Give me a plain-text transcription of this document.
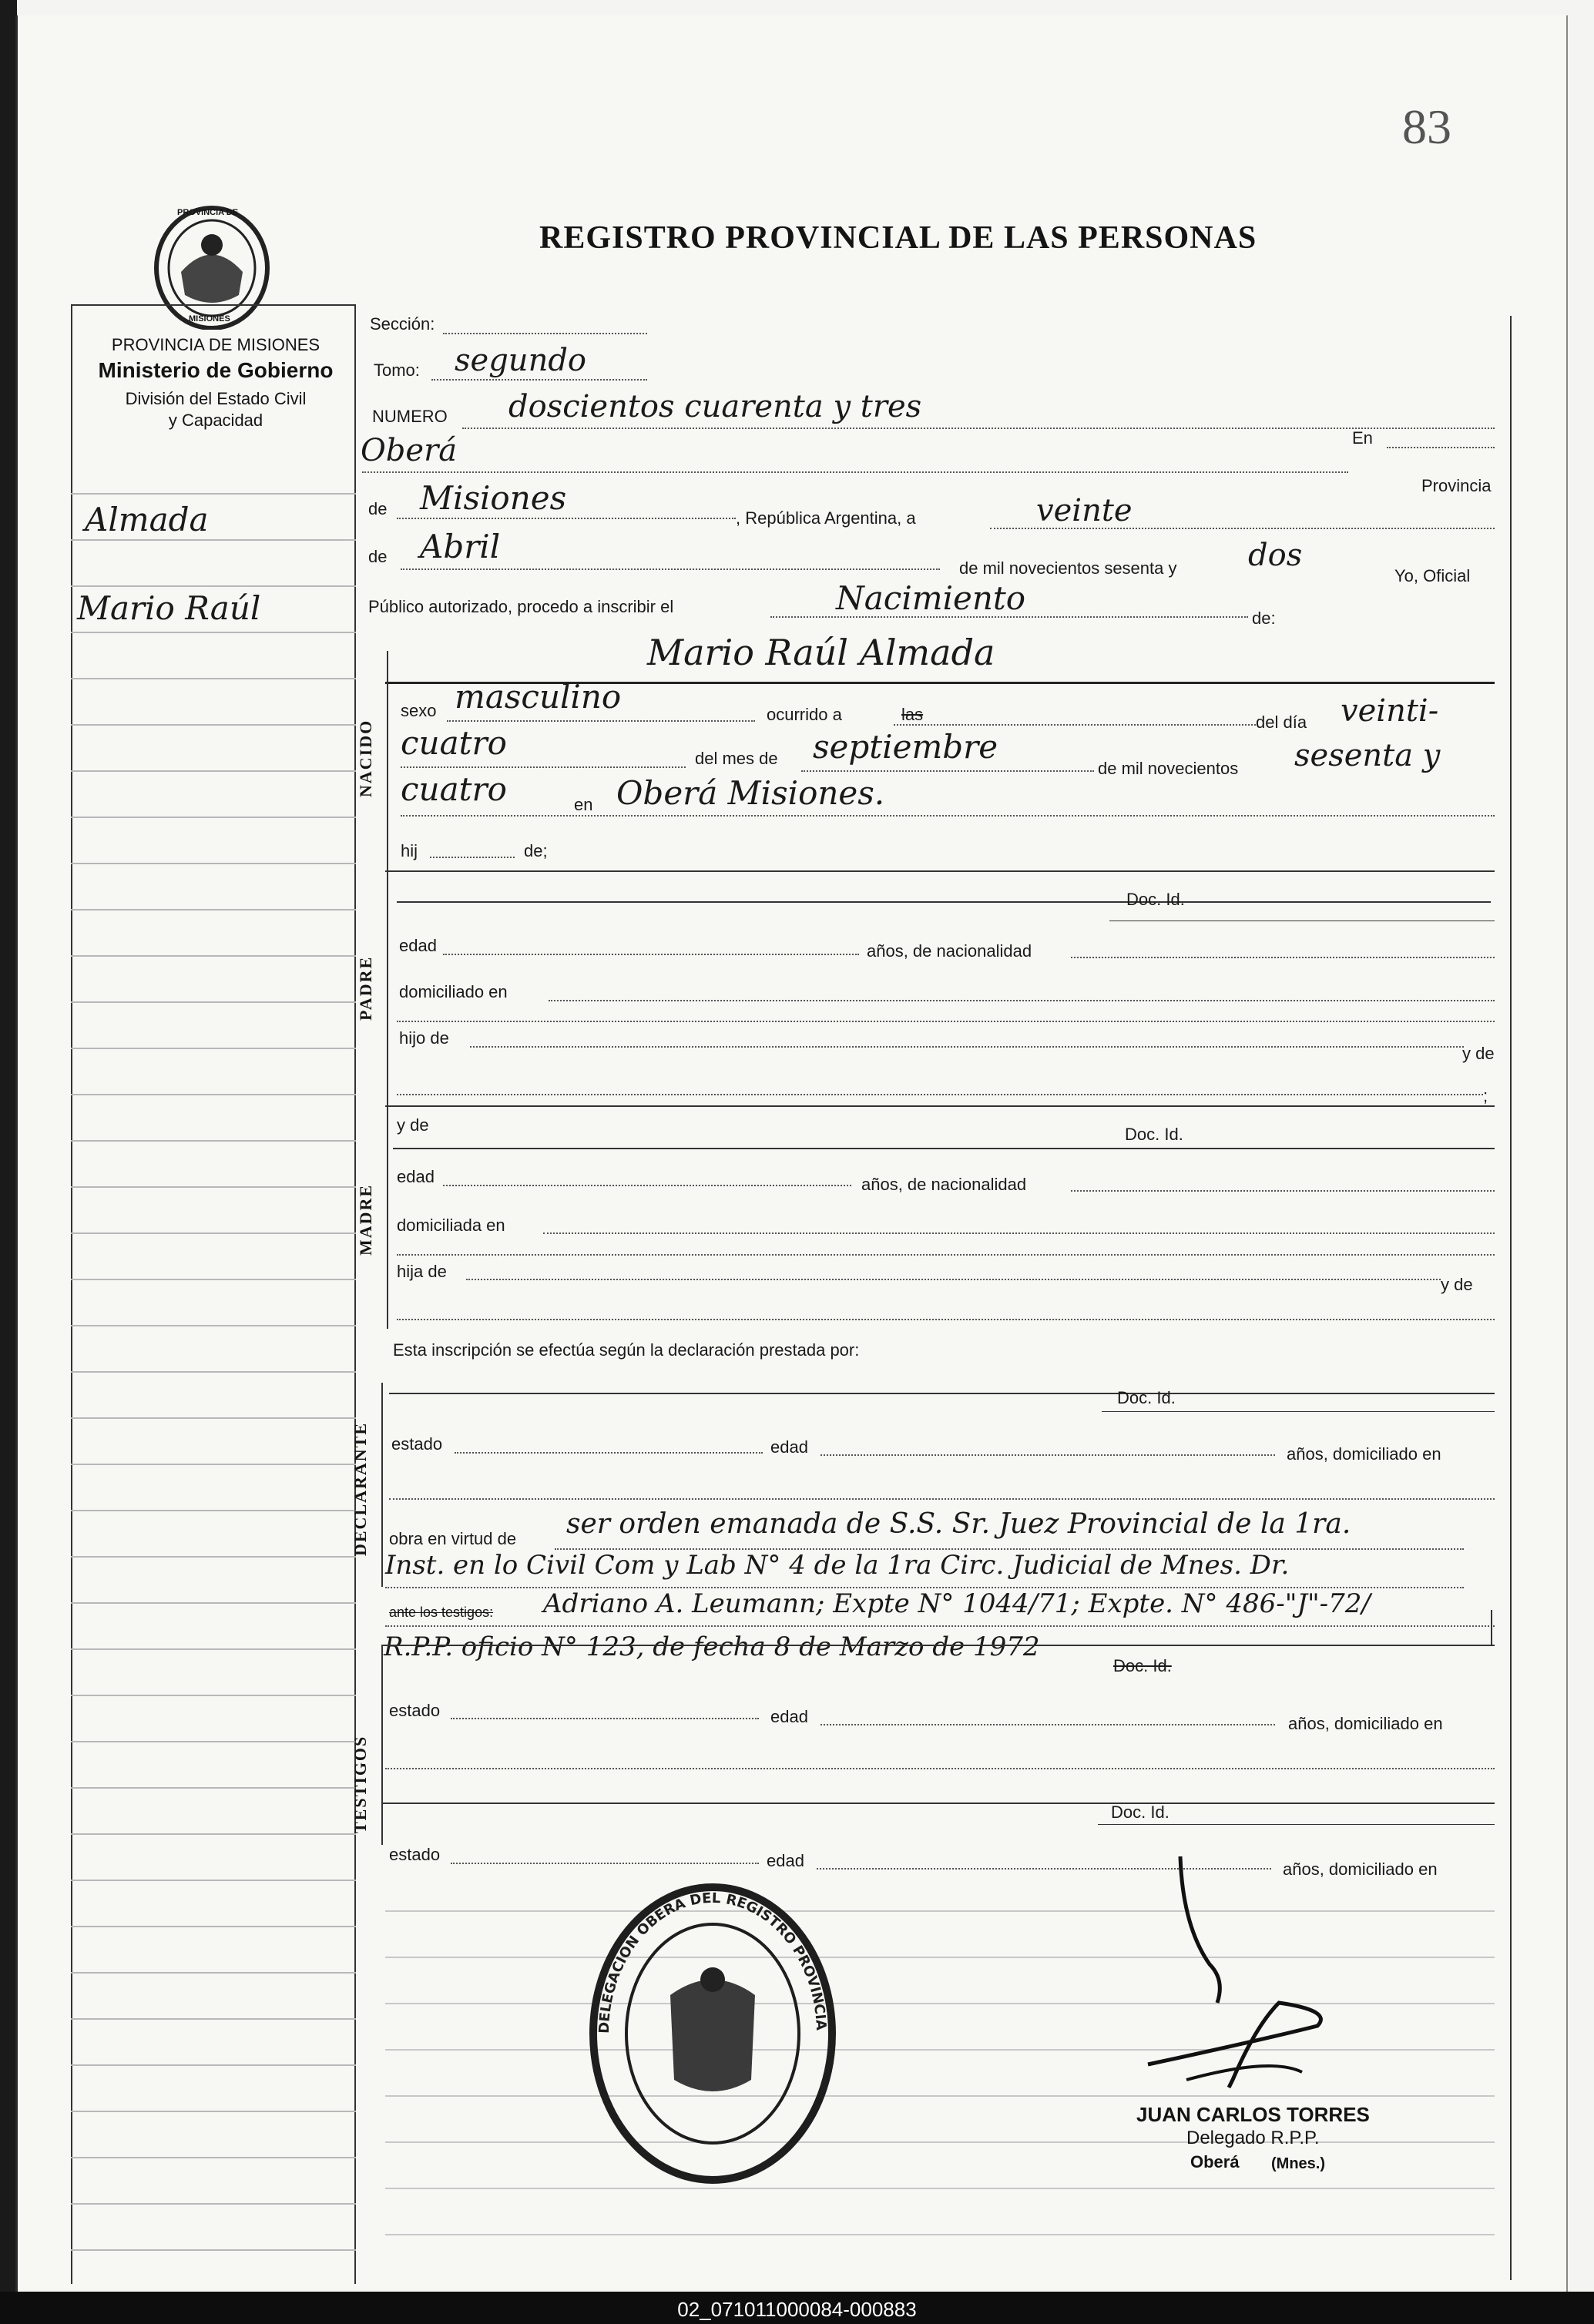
83
PROVINCIA DE
MISIONES
PROVINCIA DE MISIONES
Ministerio de Gobierno
División del Estado Civil
y Capacidad
REGISTRO PROVINCIAL DE LAS PERSONAS
Almada
Mario Raúl
Sección:
Tomo: segundo
NUMERO doscientos cuarenta y tres
Oberá	En
Provincia
de Misiones
, República Argentina, a	veinte
de Abril
de mil novecientos sesenta y dos
Yo, Oficial
Público autorizado, procedo a inscribir el	Nacimiento
de:
Mario Raúl Almada
NACIDO
sexo masculino	ocurrido a	las	del día veinti-
cuatro	del mes de septiembre
de mil novecientos sesenta y
cuatro	en Oberá Misiones.
hij	de;
PADRE
Doc. Id.
edad	años, de nacionalidad
domiciliado en
hijo de
y de
;
MADRE
y de	Doc. Id.
edad	años, de nacionalidad
domiciliada en
hija de
y de
Esta inscripción se efectúa según la declaración prestada por:
DECLARANTE
Doc. Id.
estado	edad	años, domiciliado en
obra en virtud de ser orden emanada de S.S. Sr. Juez Provincial de la 1ra.
Inst. en lo Civil Com y Lab N° 4 de la 1ra Circ. Judicial de Mnes. Dr.
ante los testigos: Adriano A. Leumann; Expte N° 1044/71; Expte. N° 486-"J"-72/
R.P.P. oficio N° 123, de fecha 8 de Marzo de 1972
Doc. Id.
TESTIGOS
estado	edad	años, domiciliado en
Doc. Id.
estado	edad	años, domiciliado en
DELEGACION OBERA DEL REGISTRO PROVINCIA
JUAN CARLOS TORRES
Delegado R.P.P.
Oberá (Mnes.)
02_071011000084-000883
